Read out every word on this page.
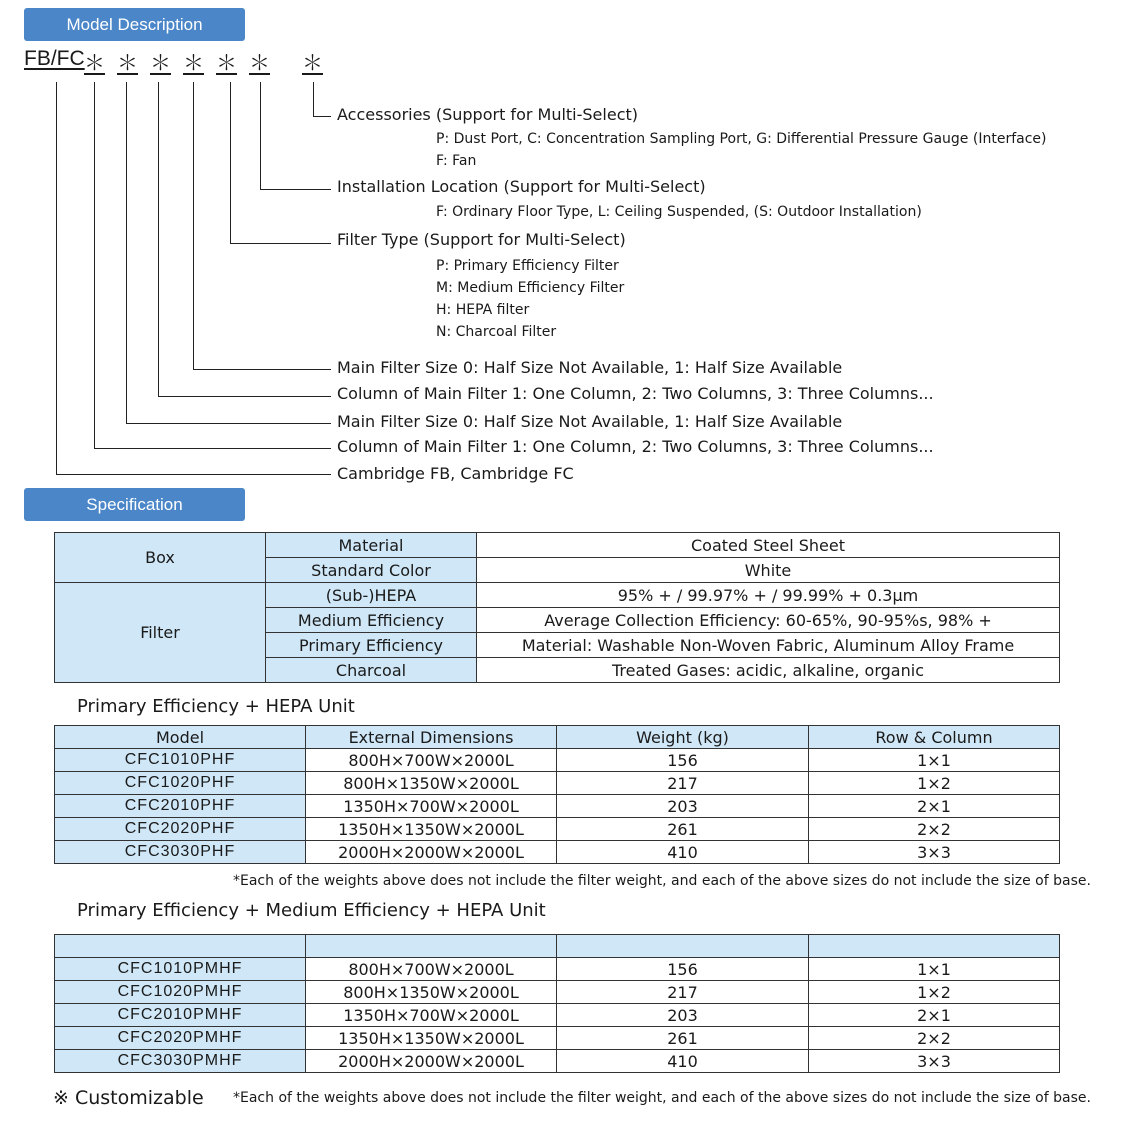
Model Description
FB/FC ＊ ＊ ＊ ＊ ＊ ＊ ＊
Accessories (Support for Multi-Select)
P: Dust Port, C: Concentration Sampling Port, G: Differential Pressure Gauge (Interface)
F: Fan
Installation Location (Support for Multi-Select)
F: Ordinary Floor Type, L: Ceiling Suspended, (S: Outdoor Installation)
Filter Type (Support for Multi-Select)
P: Primary Efficiency Filter
M: Medium Efficiency Filter
H: HEPA filter
N: Charcoal Filter
Main Filter Size 0: Half Size Not Available, 1: Half Size Available
Column of Main Filter 1: One Column, 2: Two Columns, 3: Three Columns...
Main Filter Size 0: Half Size Not Available, 1: Half Size Available
Column of Main Filter 1: One Column, 2: Two Columns, 3: Three Columns...
Cambridge FB, Cambridge FC
Specification
Box	Material	Coated Steel Sheet
	Standard Color	White
Filter	(Sub-)HEPA	95% + / 99.97% + / 99.99% + 0.3μm
	Medium Efficiency	Average Collection Efficiency: 60-65%, 90-95%s, 98% +
	Primary Efficiency	Material: Washable Non-Woven Fabric, Aluminum Alloy Frame
	Charcoal	Treated Gases: acidic, alkaline, organic
Primary Efficiency + HEPA Unit
Model	External Dimensions	Weight (kg)	Row & Column
CFC1010PHF	800H×700W×2000L	156	1×1
CFC1020PHF	800H×1350W×2000L	217	1×2
CFC2010PHF	1350H×700W×2000L	203	2×1
CFC2020PHF	1350H×1350W×2000L	261	2×2
CFC3030PHF	2000H×2000W×2000L	410	3×3
*Each of the weights above does not include the filter weight, and each of the above sizes do not include the size of base.
Primary Efficiency + Medium Efficiency + HEPA Unit

CFC1010PMHF	800H×700W×2000L	156	1×1
CFC1020PMHF	800H×1350W×2000L	217	1×2
CFC2010PMHF	1350H×700W×2000L	203	2×1
CFC2020PMHF	1350H×1350W×2000L	261	2×2
CFC3030PMHF	2000H×2000W×2000L	410	3×3
※ Customizable *Each of the weights above does not include the filter weight, and each of the above sizes do not include the size of base.
